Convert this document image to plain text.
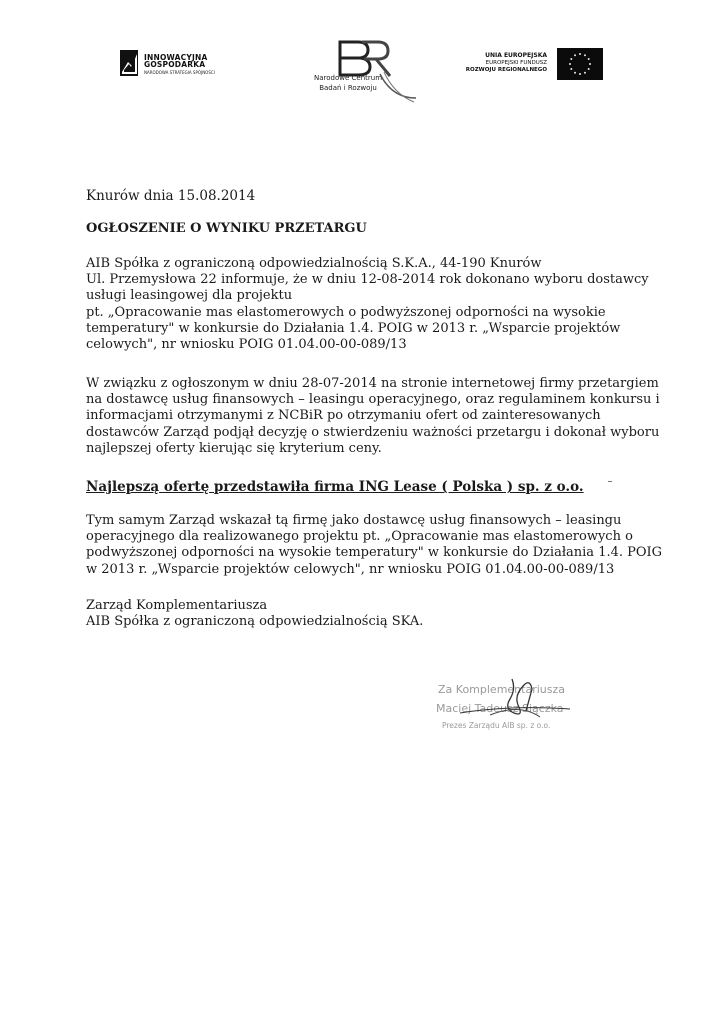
INNOWACYJNA
GOSPODARKA
NARODOWA STRATEGIA SPÓJNOŚCI
Narodowe Centrum
Badań i Rozwoju
UNIA EUROPEJSKA
EUROPEJSKI FUNDUSZ
ROZWOJU REGIONALNEGO

Knurów dnia 15.08.2014

OGŁOSZENIE O WYNIKU PRZETARGU

AIB Spółka z ograniczoną odpowiedzialnością S.K.A., 44-190 Knurów
Ul. Przemysłowa 22 informuje, że w dniu 12-08-2014 rok dokonano wyboru dostawcy
usługi leasingowej dla projektu
pt. „Opracowanie mas elastomerowych o podwyższonej odporności na wysokie
temperatury" w konkursie do Działania 1.4. POIG w 2013 r. „Wsparcie projektów
celowych", nr wniosku POIG 01.04.00-00-089/13
W związku z ogłoszonym w dniu 28-07-2014 na stronie internetowej firmy przetargiem
na dostawcę usług finansowych – leasingu operacyjnego, oraz regulaminem konkursu i
informacjami otrzymanymi z NCBiR po otrzymaniu ofert od zainteresowanych
dostawców Zarząd podjął decyzję o stwierdzeniu ważności przetargu i dokonał wyboru
najlepszej oferty kierując się kryterium ceny.

Najlepszą ofertę przedstawiła firma ING Lease ( Polska ) sp. z o.o.

Tym samym Zarząd wskazał tą firmę jako dostawcę usług finansowych – leasingu
operacyjnego dla realizowanego projektu pt. „Opracowanie mas elastomerowych o
podwyższonej odporności na wysokie temperatury" w konkursie do Działania 1.4. POIG
w 2013 r. „Wsparcie projektów celowych", nr wniosku POIG 01.04.00-00-089/13
Zarząd Komplementariusza
AIB Spółka z ograniczoną odpowiedzialnością SKA.
Za Komplementariusza
Maciej Tadeusz Siączka
Prezes Zarządu AIB sp. z o.o.
